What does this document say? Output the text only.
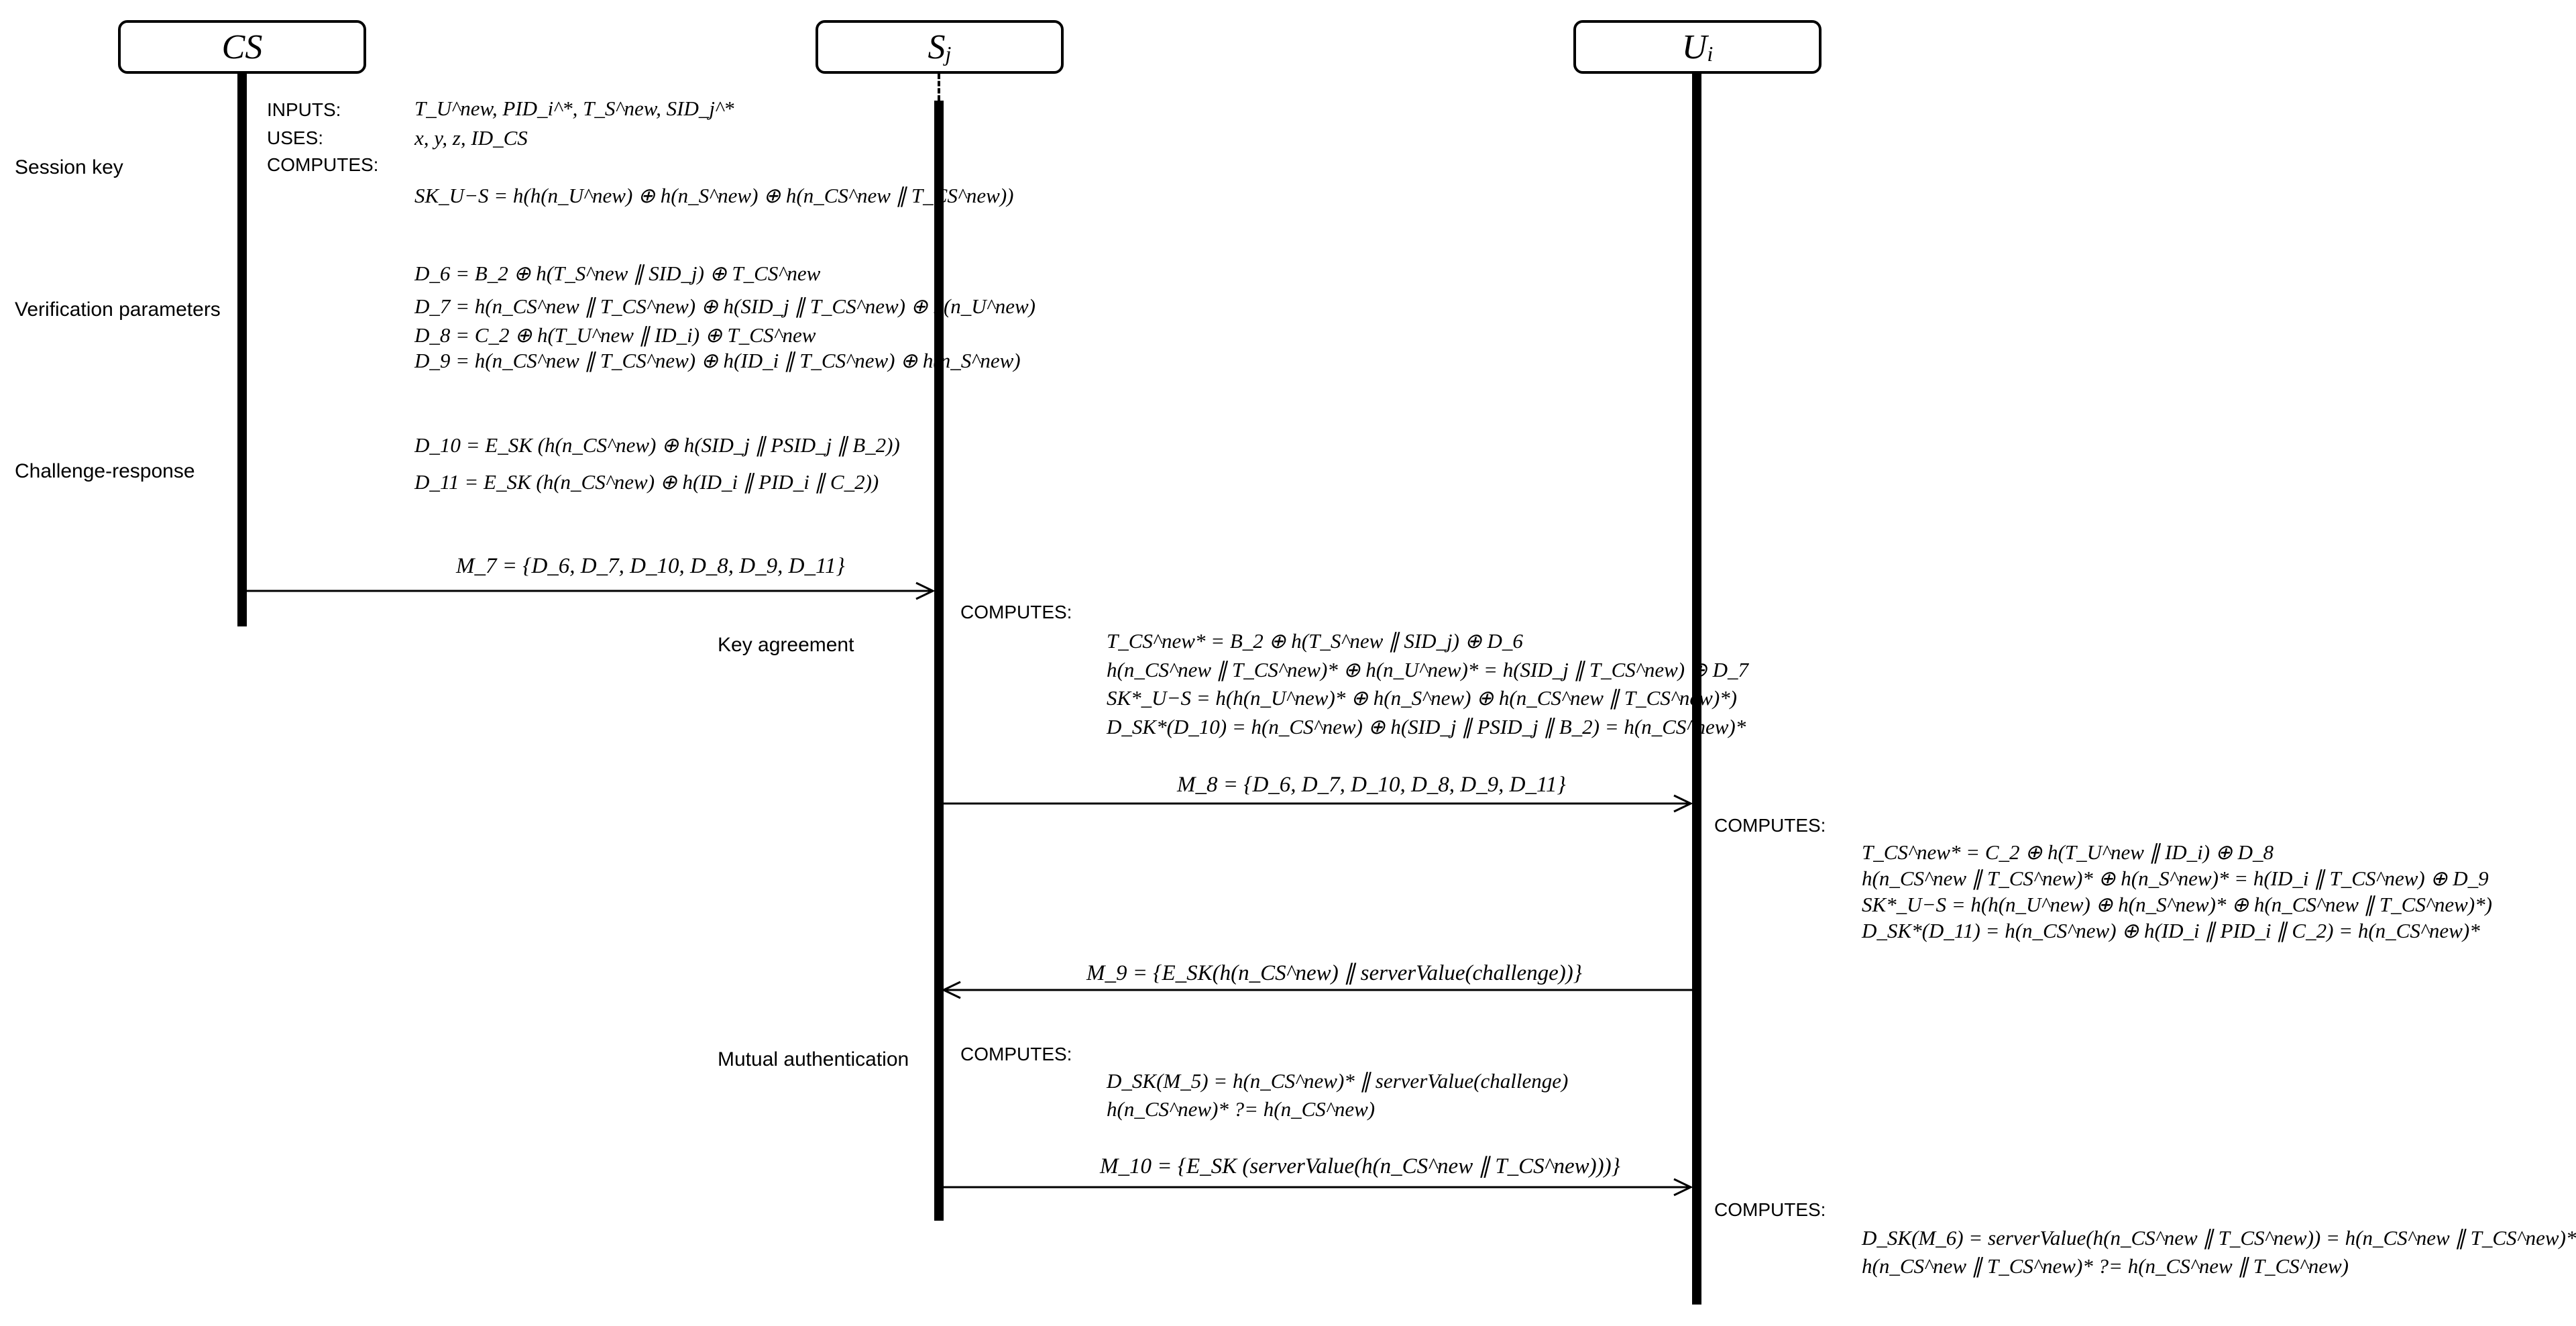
CS	$S_j$	$U_i$
Session key
Verification parameters
Challenge-response
Key agreement
Mutual authentication
INPUTS:	T_U^new, PID_i^*, T_S^new, SID_j^*
USES:	x, y, z, ID_CS
COMPUTES:
SK_U−S = h(h(n_U^new) ⊕ h(n_S^new) ⊕ h(n_CS^new ∥ T_CS^new))
D_6 = B_2 ⊕ h(T_S^new ∥ SID_j) ⊕ T_CS^new
D_7 = h(n_CS^new ∥ T_CS^new) ⊕ h(SID_j ∥ T_CS^new) ⊕ h(n_U^new)
D_8 = C_2 ⊕ h(T_U^new ∥ ID_i) ⊕ T_CS^new
D_9 = h(n_CS^new ∥ T_CS^new) ⊕ h(ID_i ∥ T_CS^new) ⊕ h(n_S^new)
D_10 = E_SK (h(n_CS^new) ⊕ h(SID_j ∥ PSID_j ∥ B_2))
D_11 = E_SK (h(n_CS^new) ⊕ h(ID_i ∥ PID_i ∥ C_2))
M_7 = {D_6, D_7, D_10, D_8, D_9, D_11}
M_8 = {D_6, D_7, D_10, D_8, D_9, D_11}
M_9 = {E_SK(h(n_CS^new) ∥ serverValue(challenge))}
M_10 = {E_SK (serverValue(h(n_CS^new ∥ T_CS^new)))}
COMPUTES:
T_CS^new* = B_2 ⊕ h(T_S^new ∥ SID_j) ⊕ D_6
h(n_CS^new ∥ T_CS^new)* ⊕ h(n_U^new)* = h(SID_j ∥ T_CS^new) ⊕ D_7
SK*_U−S = h(h(n_U^new)* ⊕ h(n_S^new) ⊕ h(n_CS^new ∥ T_CS^new)*)
D_SK*(D_10) = h(n_CS^new) ⊕ h(SID_j ∥ PSID_j ∥ B_2) = h(n_CS^new)*
COMPUTES:
T_CS^new* = C_2 ⊕ h(T_U^new ∥ ID_i) ⊕ D_8
h(n_CS^new ∥ T_CS^new)* ⊕ h(n_S^new)* = h(ID_i ∥ T_CS^new) ⊕ D_9
SK*_U−S = h(h(n_U^new) ⊕ h(n_S^new)* ⊕ h(n_CS^new ∥ T_CS^new)*)
D_SK*(D_11) = h(n_CS^new) ⊕ h(ID_i ∥ PID_i ∥ C_2) = h(n_CS^new)*
COMPUTES:
D_SK(M_5) = h(n_CS^new)* ∥ serverValue(challenge)
h(n_CS^new)* ?= h(n_CS^new)
COMPUTES:
D_SK(M_6) = serverValue(h(n_CS^new ∥ T_CS^new)) = h(n_CS^new ∥ T_CS^new)*
h(n_CS^new ∥ T_CS^new)* ?= h(n_CS^new ∥ T_CS^new)
